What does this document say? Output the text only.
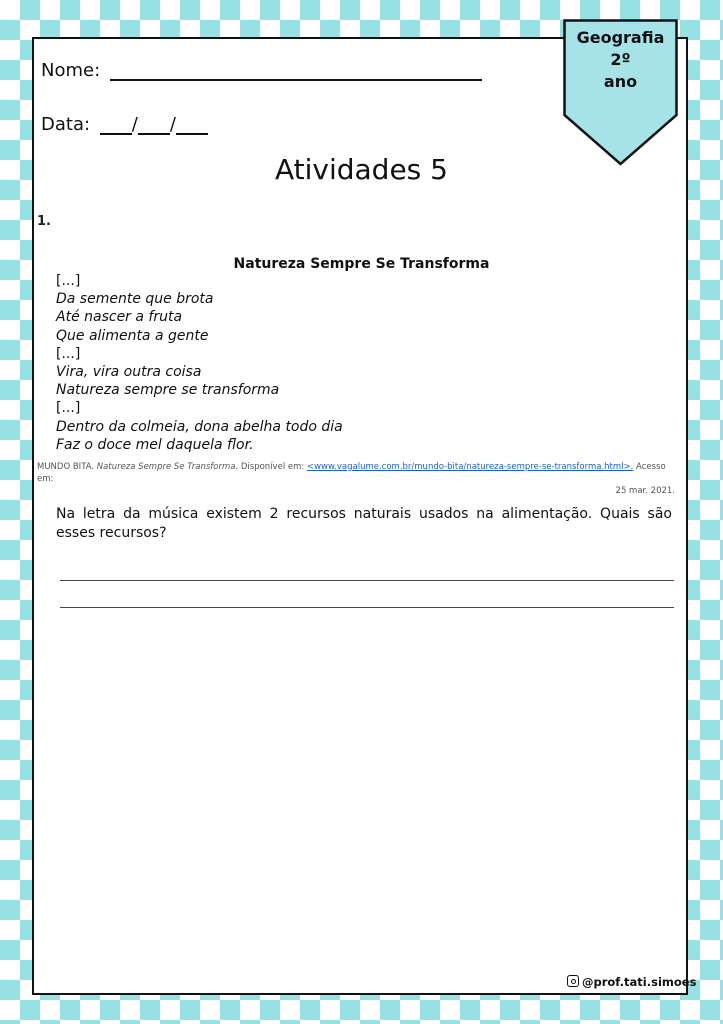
Nome:
Data: / /
Geografia
2º
ano
Atividades 5
1.
Natureza Sempre Se Transforma
[...]
Da semente que brota
Até nascer a fruta
Que alimenta a gente
[...]
Vira, vira outra coisa
Natureza sempre se transforma
[...]
Dentro da colmeia, dona abelha todo dia
Faz o doce mel daquela flor.
MUNDO BITA. Natureza Sempre Se Transforma. Disponível em: <www.vagalume.com.br/mundo-bita/natureza-sempre-se-transforma.html>. Acesso em:
25 mar. 2021.
Na letra da música existem 2 recursos naturais usados na alimentação. Quais são esses recursos?
@prof.tati.simoes
